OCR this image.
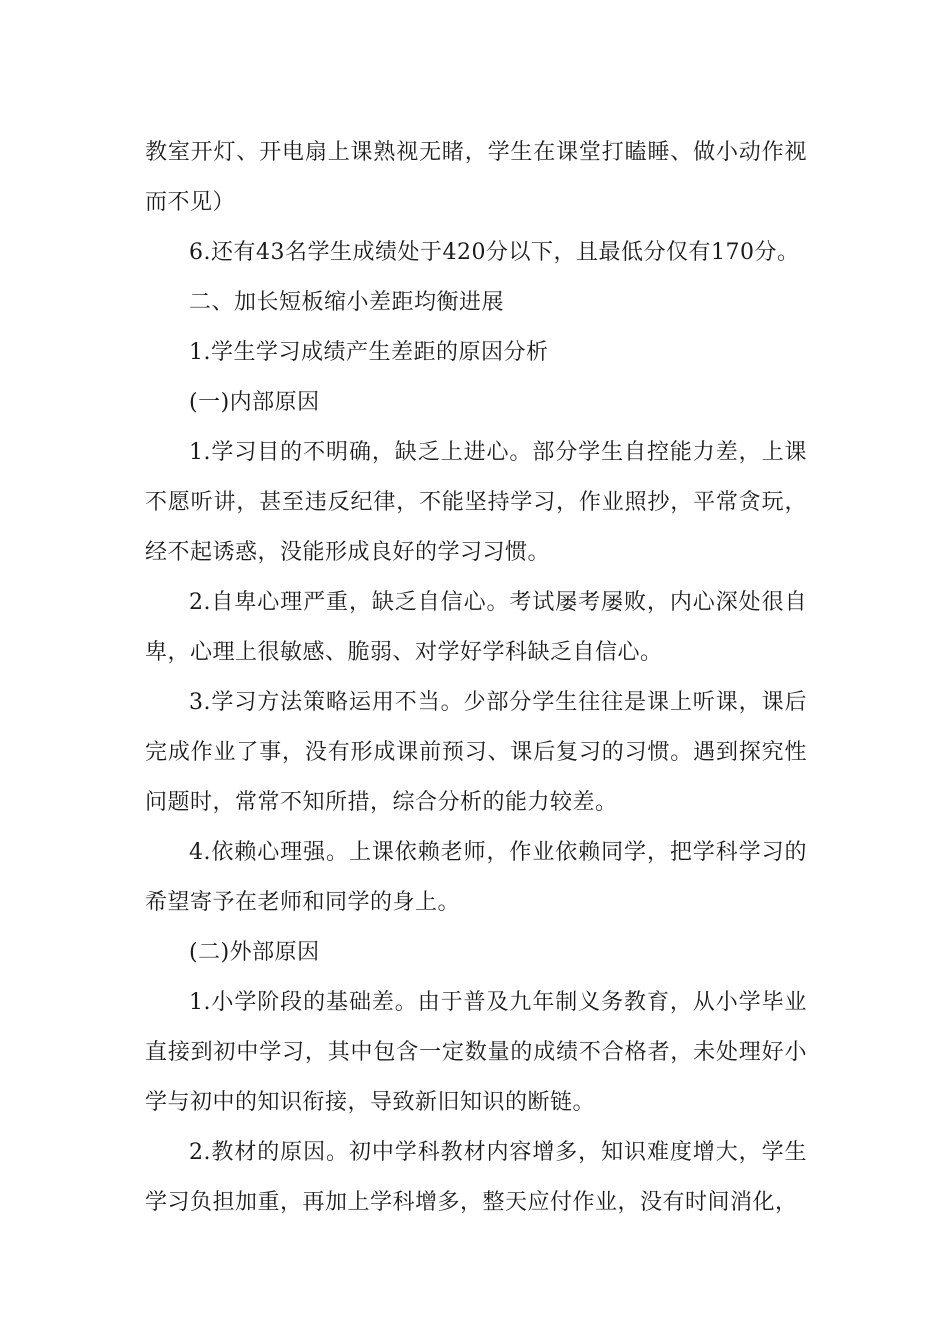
教室开灯、开电扇上课熟视无睹，学生在课堂打瞌睡、做小动作视而不见）

6.还有43名学生成绩处于420分以下，且最低分仅有170分。

二、加长短板缩小差距均衡进展

1.学生学习成绩产生差距的原因分析

(一)内部原因

1.学习目的不明确，缺乏上进心。部分学生自控能力差，上课不愿听讲，甚至违反纪律，不能坚持学习，作业照抄，平常贪玩，经不起诱惑，没能形成良好的学习习惯。

2.自卑心理严重，缺乏自信心。考试屡考屡败，内心深处很自卑，心理上很敏感、脆弱、对学好学科缺乏自信心。

3.学习方法策略运用不当。少部分学生往往是课上听课，课后完成作业了事，没有形成课前预习、课后复习的习惯。遇到探究性问题时，常常不知所措，综合分析的能力较差。

4.依赖心理强。上课依赖老师，作业依赖同学，把学科学习的希望寄予在老师和同学的身上。

(二)外部原因

1.小学阶段的基础差。由于普及九年制义务教育，从小学毕业直接到初中学习，其中包含一定数量的成绩不合格者，未处理好小学与初中的知识衔接，导致新旧知识的断链。

2.教材的原因。初中学科教材内容增多，知识难度增大，学生学习负担加重，再加上学科增多，整天应付作业，没有时间消化，
